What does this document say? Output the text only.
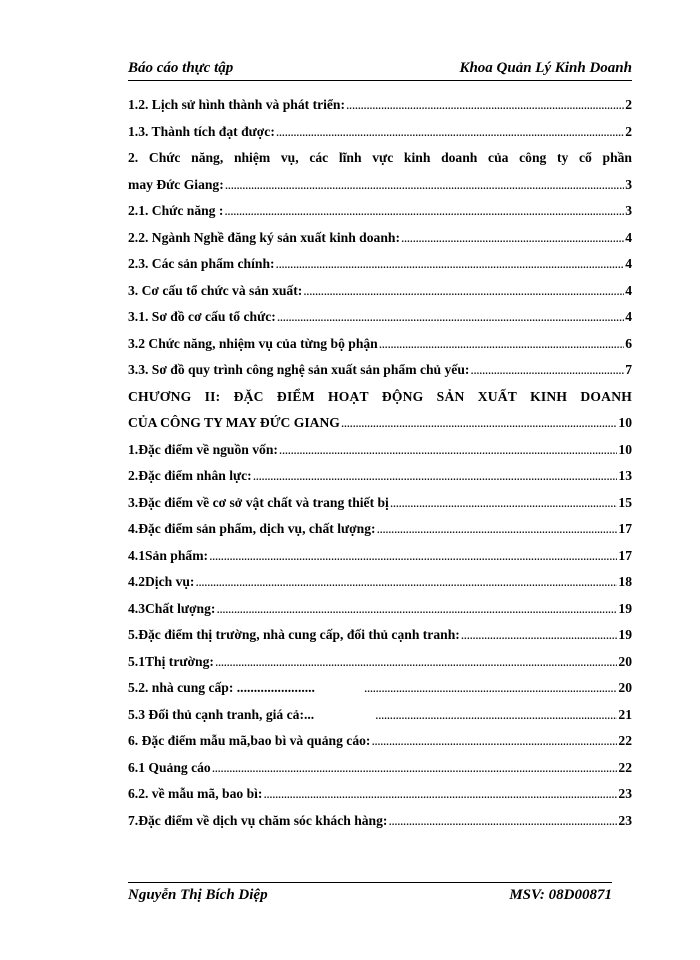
Báo cáo thực tập	Khoa Quản Lý Kinh Doanh
1.2. Lịch sử hình thành và phát triển: .....	2
1.3. Thành tích đạt được: .....	2
2. Chức năng, nhiệm vụ, các lĩnh vực kinh doanh của công ty cổ phần
may Đức Giang: .....	3
2.1. Chức năng : .....	3
2.2. Ngành Nghề đăng ký sản xuất kinh doanh: .....	4
2.3. Các sản phẩm chính: .....	4
3. Cơ cấu tổ chức và sản xuất: .....	4
3.1. Sơ đồ cơ cấu tổ chức: .....	4
3.2 Chức năng, nhiệm vụ của từng bộ phận .....	6
3.3. Sơ đồ quy trình công nghệ sản xuất sản phẩm chủ yếu: .....	7
CHƯƠNG II: ĐẶC ĐIỂM HOẠT ĐỘNG SẢN XUẤT KINH DOANH
CỦA CÔNG TY MAY ĐỨC GIANG .....	10
1.Đặc điểm về nguồn vốn: .....	10
2.Đặc điểm nhân lực: .....	13
3.Đặc điểm về cơ sở vật chất và trang thiết bị .....	15
4.Đặc điểm sản phẩm, dịch vụ, chất lượng: .....	17
4.1Sản phẩm: .....	17
4.2Dịch vụ: .....	18
4.3Chất lượng: .....	19
5.Đặc điểm thị trường, nhà cung cấp, đối thủ cạnh tranh: .....	19
5.1Thị trường: .....	20
5.2. nhà cung cấp: ....................... .....	20
5.3 Đối thủ cạnh tranh, giá cả:... .....	21
6. Đặc điểm mẫu mã,bao bì và quảng cáo: .....	22
6.1 Quảng cáo .....	22
6.2. về mẫu mã, bao bì: .....	23
7.Đặc điểm về dịch vụ chăm sóc khách hàng: .....	23
Nguyễn Thị Bích Diệp	MSV: 08D00871
